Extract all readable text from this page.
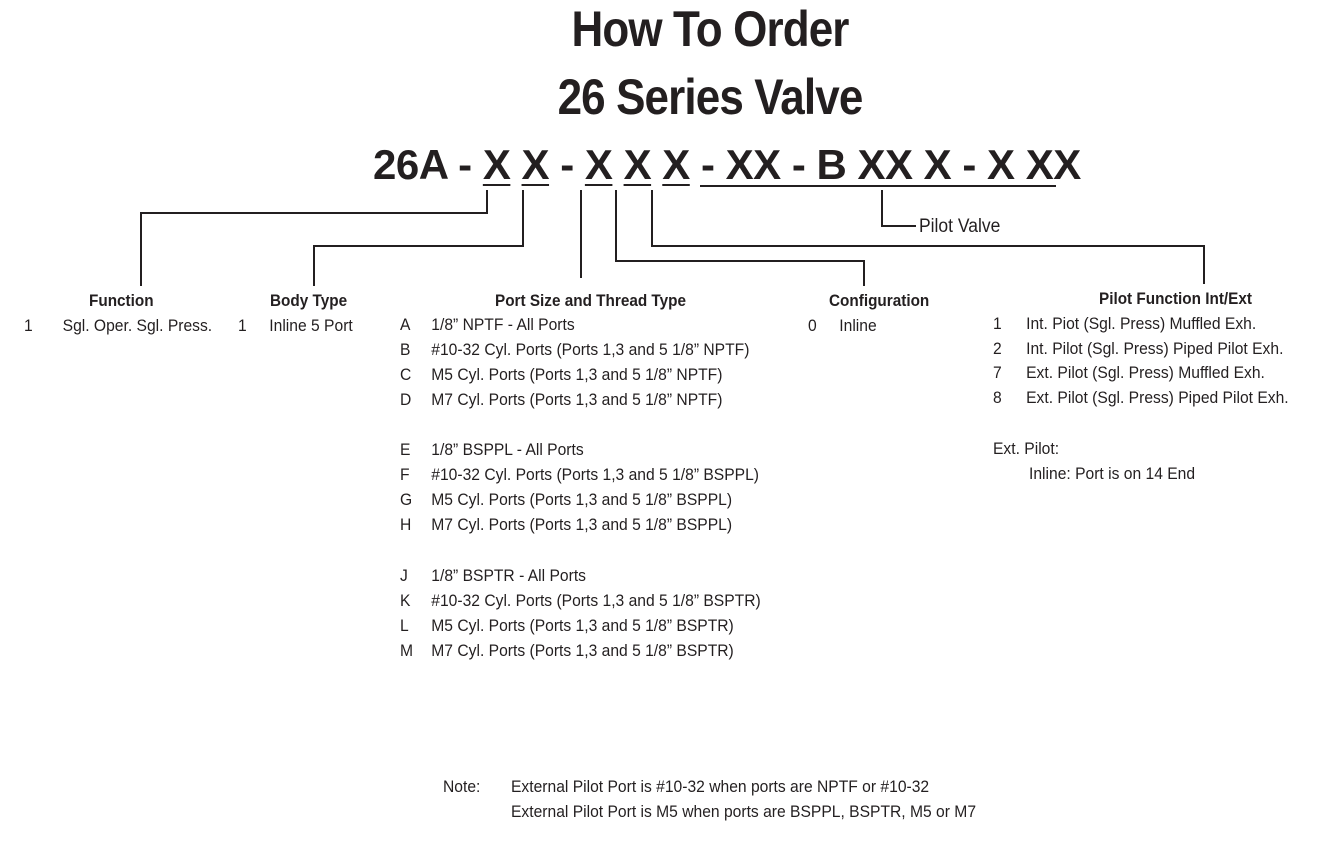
How To Order
26 Series Valve
26A - X X - X X X - XX - B XX X - X XX
Pilot Valve
Function
1 Sgl. Oper. Sgl. Press.
Body Type
1 Inline 5 Port
Port Size and Thread Type
A 1/8” NPTF - All Ports
B #10-32 Cyl. Ports (Ports 1,3 and 5 1/8” NPTF)
C M5 Cyl. Ports (Ports 1,3 and 5 1/8” NPTF)
D M7 Cyl. Ports (Ports 1,3 and 5 1/8” NPTF)
E 1/8” BSPPL - All Ports
F #10-32 Cyl. Ports (Ports 1,3 and 5 1/8” BSPPL)
G M5 Cyl. Ports (Ports 1,3 and 5 1/8” BSPPL)
H M7 Cyl. Ports (Ports 1,3 and 5 1/8” BSPPL)
J 1/8” BSPTR - All Ports
K #10-32 Cyl. Ports (Ports 1,3 and 5 1/8” BSPTR)
L M5 Cyl. Ports (Ports 1,3 and 5 1/8” BSPTR)
M M7 Cyl. Ports (Ports 1,3 and 5 1/8” BSPTR)
Configuration
0 Inline
Pilot Function Int/Ext
1 Int. Piot (Sgl. Press) Muffled Exh.
2 Int. Pilot (Sgl. Press) Piped Pilot Exh.
7 Ext. Pilot (Sgl. Press) Muffled Exh.
8 Ext. Pilot (Sgl. Press) Piped Pilot Exh.
Ext. Pilot:
Inline: Port is on 14 End
Note: External Pilot Port is #10-32 when ports are NPTF or #10-32
External Pilot Port is M5 when ports are BSPPL, BSPTR, M5 or M7
